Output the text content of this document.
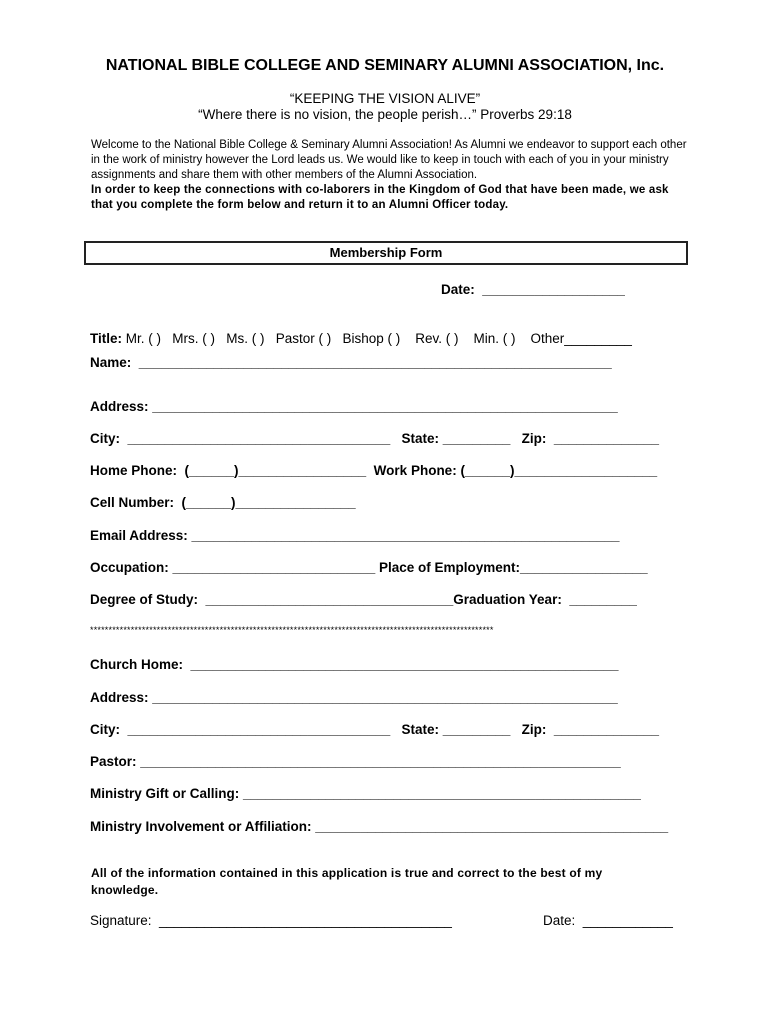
NATIONAL BIBLE COLLEGE AND SEMINARY ALUMNI ASSOCIATION, Inc.
“KEEPING THE VISION ALIVE”
“Where there is no vision, the people perish…” Proverbs 29:18

Welcome to the National Bible College & Seminary Alumni Association! As Alumni we endeavor to support each other in the work of ministry however the Lord leads us. We would like to keep in touch with each of you in your ministry assignments and share them with other members of the Alumni Association.

In order to keep the connections with co-laborers in the Kingdom of God that have been made, we ask that you complete the form below and return it to an Alumni Officer today.

Membership Form
Date:  ___________________
Title: Mr. ( )   Mrs. ( )   Ms. ( )   Pastor ( )   Bishop ( )    Rev. ( )    Min. ( )    Other_________
Name:  _______________________________________________________________
Address: ______________________________________________________________
City:  ___________________________________   State: _________   Zip:  ______________
Home Phone:  (______)_________________  Work Phone: (______)___________________
Cell Number:  (______)________________
Email Address: _________________________________________________________
Occupation: ___________________________ Place of Employment:_________________
Degree of Study:  _________________________________Graduation Year:  _________
*************************************************************************************************************
Church Home:  _________________________________________________________
Address: ______________________________________________________________
City:  ___________________________________   State: _________   Zip:  ______________
Pastor: ________________________________________________________________
Ministry Gift or Calling: _____________________________________________________
Ministry Involvement or Affiliation: _______________________________________________
All of the information contained in this application is true and correct to the best of my knowledge.
Signature:  _______________________________________	Date:  ____________
